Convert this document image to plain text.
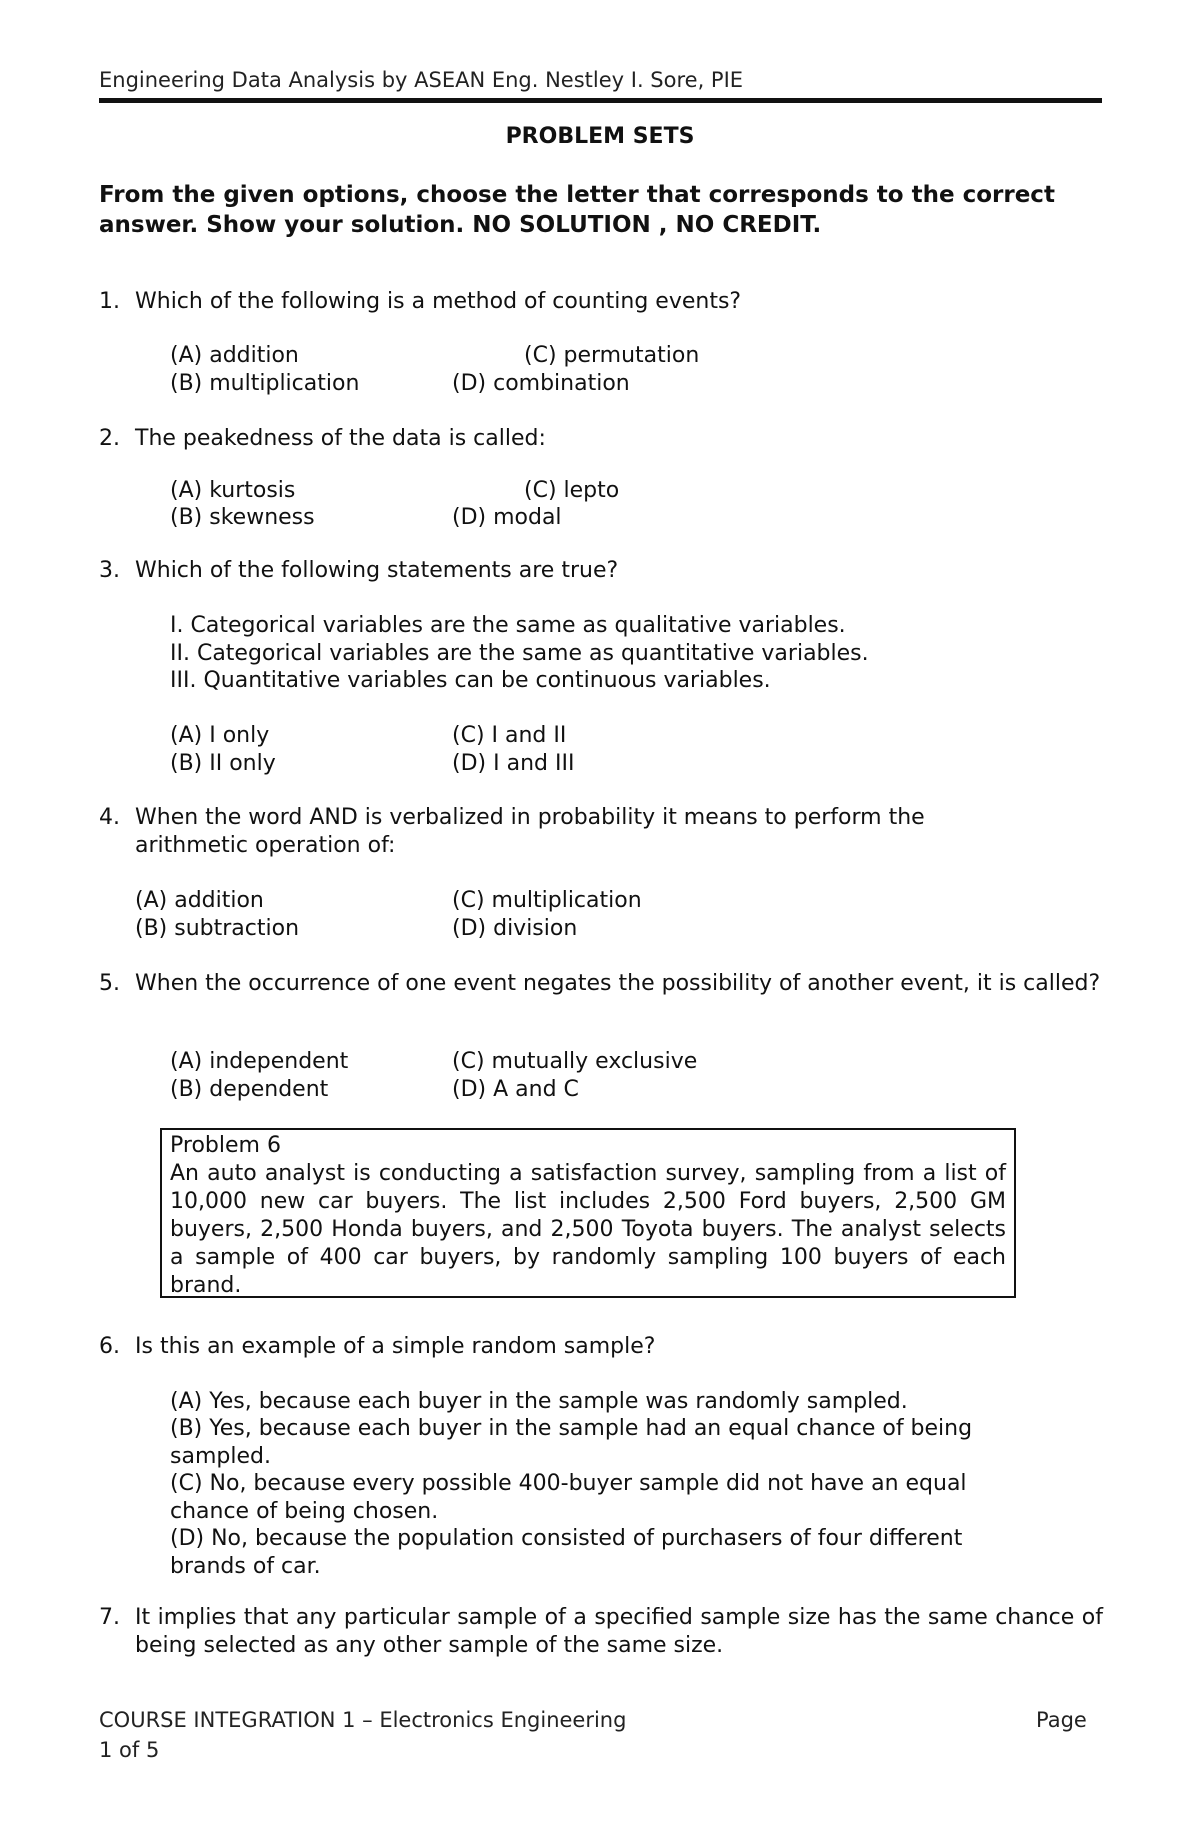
Engineering Data Analysis by ASEAN Eng. Nestley I. Sore, PIE
PROBLEM SETS
From the given options, choose the letter that corresponds to the correct answer. Show your solution. NO SOLUTION , NO CREDIT.
1. Which of the following is a method of counting events?
(A) addition	(C) permutation
(B) multiplication	(D) combination
2. The peakedness of the data is called:
(A) kurtosis	(C) lepto
(B) skewness	(D) modal
3. Which of the following statements are true?
I. Categorical variables are the same as qualitative variables.
II. Categorical variables are the same as quantitative variables.
III. Quantitative variables can be continuous variables.
(A) I only	(C) I and II
(B) II only	(D) I and III
4. When the word AND is verbalized in probability it means to perform the arithmetic operation of:
(A) addition	(C) multiplication
(B) subtraction	(D) division
5. When the occurrence of one event negates the possibility of another event, it is called?
(A) independent	(C) mutually exclusive
(B) dependent	(D) A and C
Problem 6
An auto analyst is conducting a satisfaction survey, sampling from a list of 10,000 new car buyers. The list includes 2,500 Ford buyers, 2,500 GM buyers, 2,500 Honda buyers, and 2,500 Toyota buyers. The analyst selects a sample of 400 car buyers, by randomly sampling 100 buyers of each brand.
6. Is this an example of a simple random sample?
(A) Yes, because each buyer in the sample was randomly sampled.
(B) Yes, because each buyer in the sample had an equal chance of being sampled.
(C) No, because every possible 400-buyer sample did not have an equal chance of being chosen.
(D) No, because the population consisted of purchasers of four different brands of car.
7. It implies that any particular sample of a specified sample size has the same chance of being selected as any other sample of the same size.
COURSE INTEGRATION 1 – Electronics Engineering	Page
1 of 5
